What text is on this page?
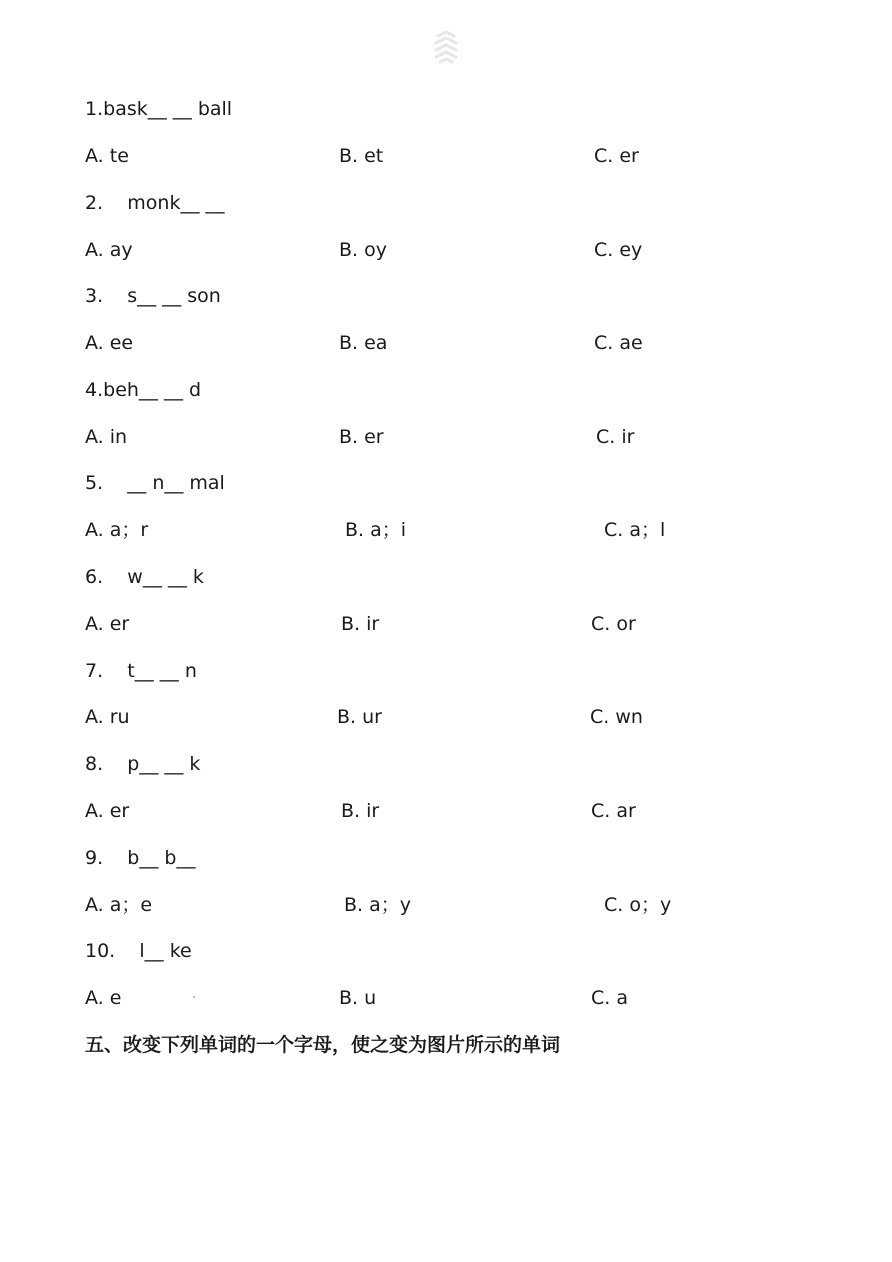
1.bask__ __ ball
A. te	B. et	C. er
2.    monk__ __
A. ay	B. oy	C. ey
3.    s__ __ son
A. ee	B. ea	C. ae
4.beh__ __ d
A. in	B. er	C. ir
5.    __ n__ mal
A. a；r	B. a；i	C. a；l
6.    w__ __ k
A. er	B. ir	C. or
7.    t__ __ n
A. ru	B. ur	C. wn
8.    p__ __ k
A. er	B. ir	C. ar
9.    b__ b__
A. a；e	B. a；y	C. o；y
10.    l__ ke
A. e	B. u	C. a
五、改变下列单词的一个字母，使之变为图片所示的单词
